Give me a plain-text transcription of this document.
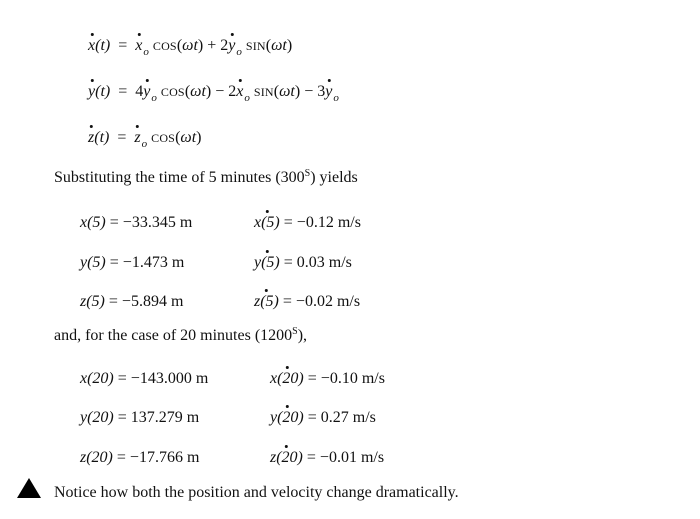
$x(t) = x_o$ $COS(\omega t) + 2y_o$ SIN(ωt)
$y(t) = 4y_o$ $COS(\omega t) - 2x_o$ $SIN(\omega t) - 3y_o$
$z(t) = z_o$ COS(ωt)
Substituting the time of 5 minutes $(300^S)$ yields
x(5) = −33.345 m	x(5) = −0.12 m/s
y(5) = −1.473 m	y(5) = 0.03 m/s
z(5) = −5.894 m	z(5) = −0.02 m/s
and, for the case of 20 minutes $(1200^S)$,
x(20) = −143.000 m	x(20) = −0.10 m/s
y(20) = 137.279 m	y(20) = 0.27 m/s
z(20) = −17.766 m	z(20) = −0.01 m/s
Notice how both the position and velocity change dramatically.
